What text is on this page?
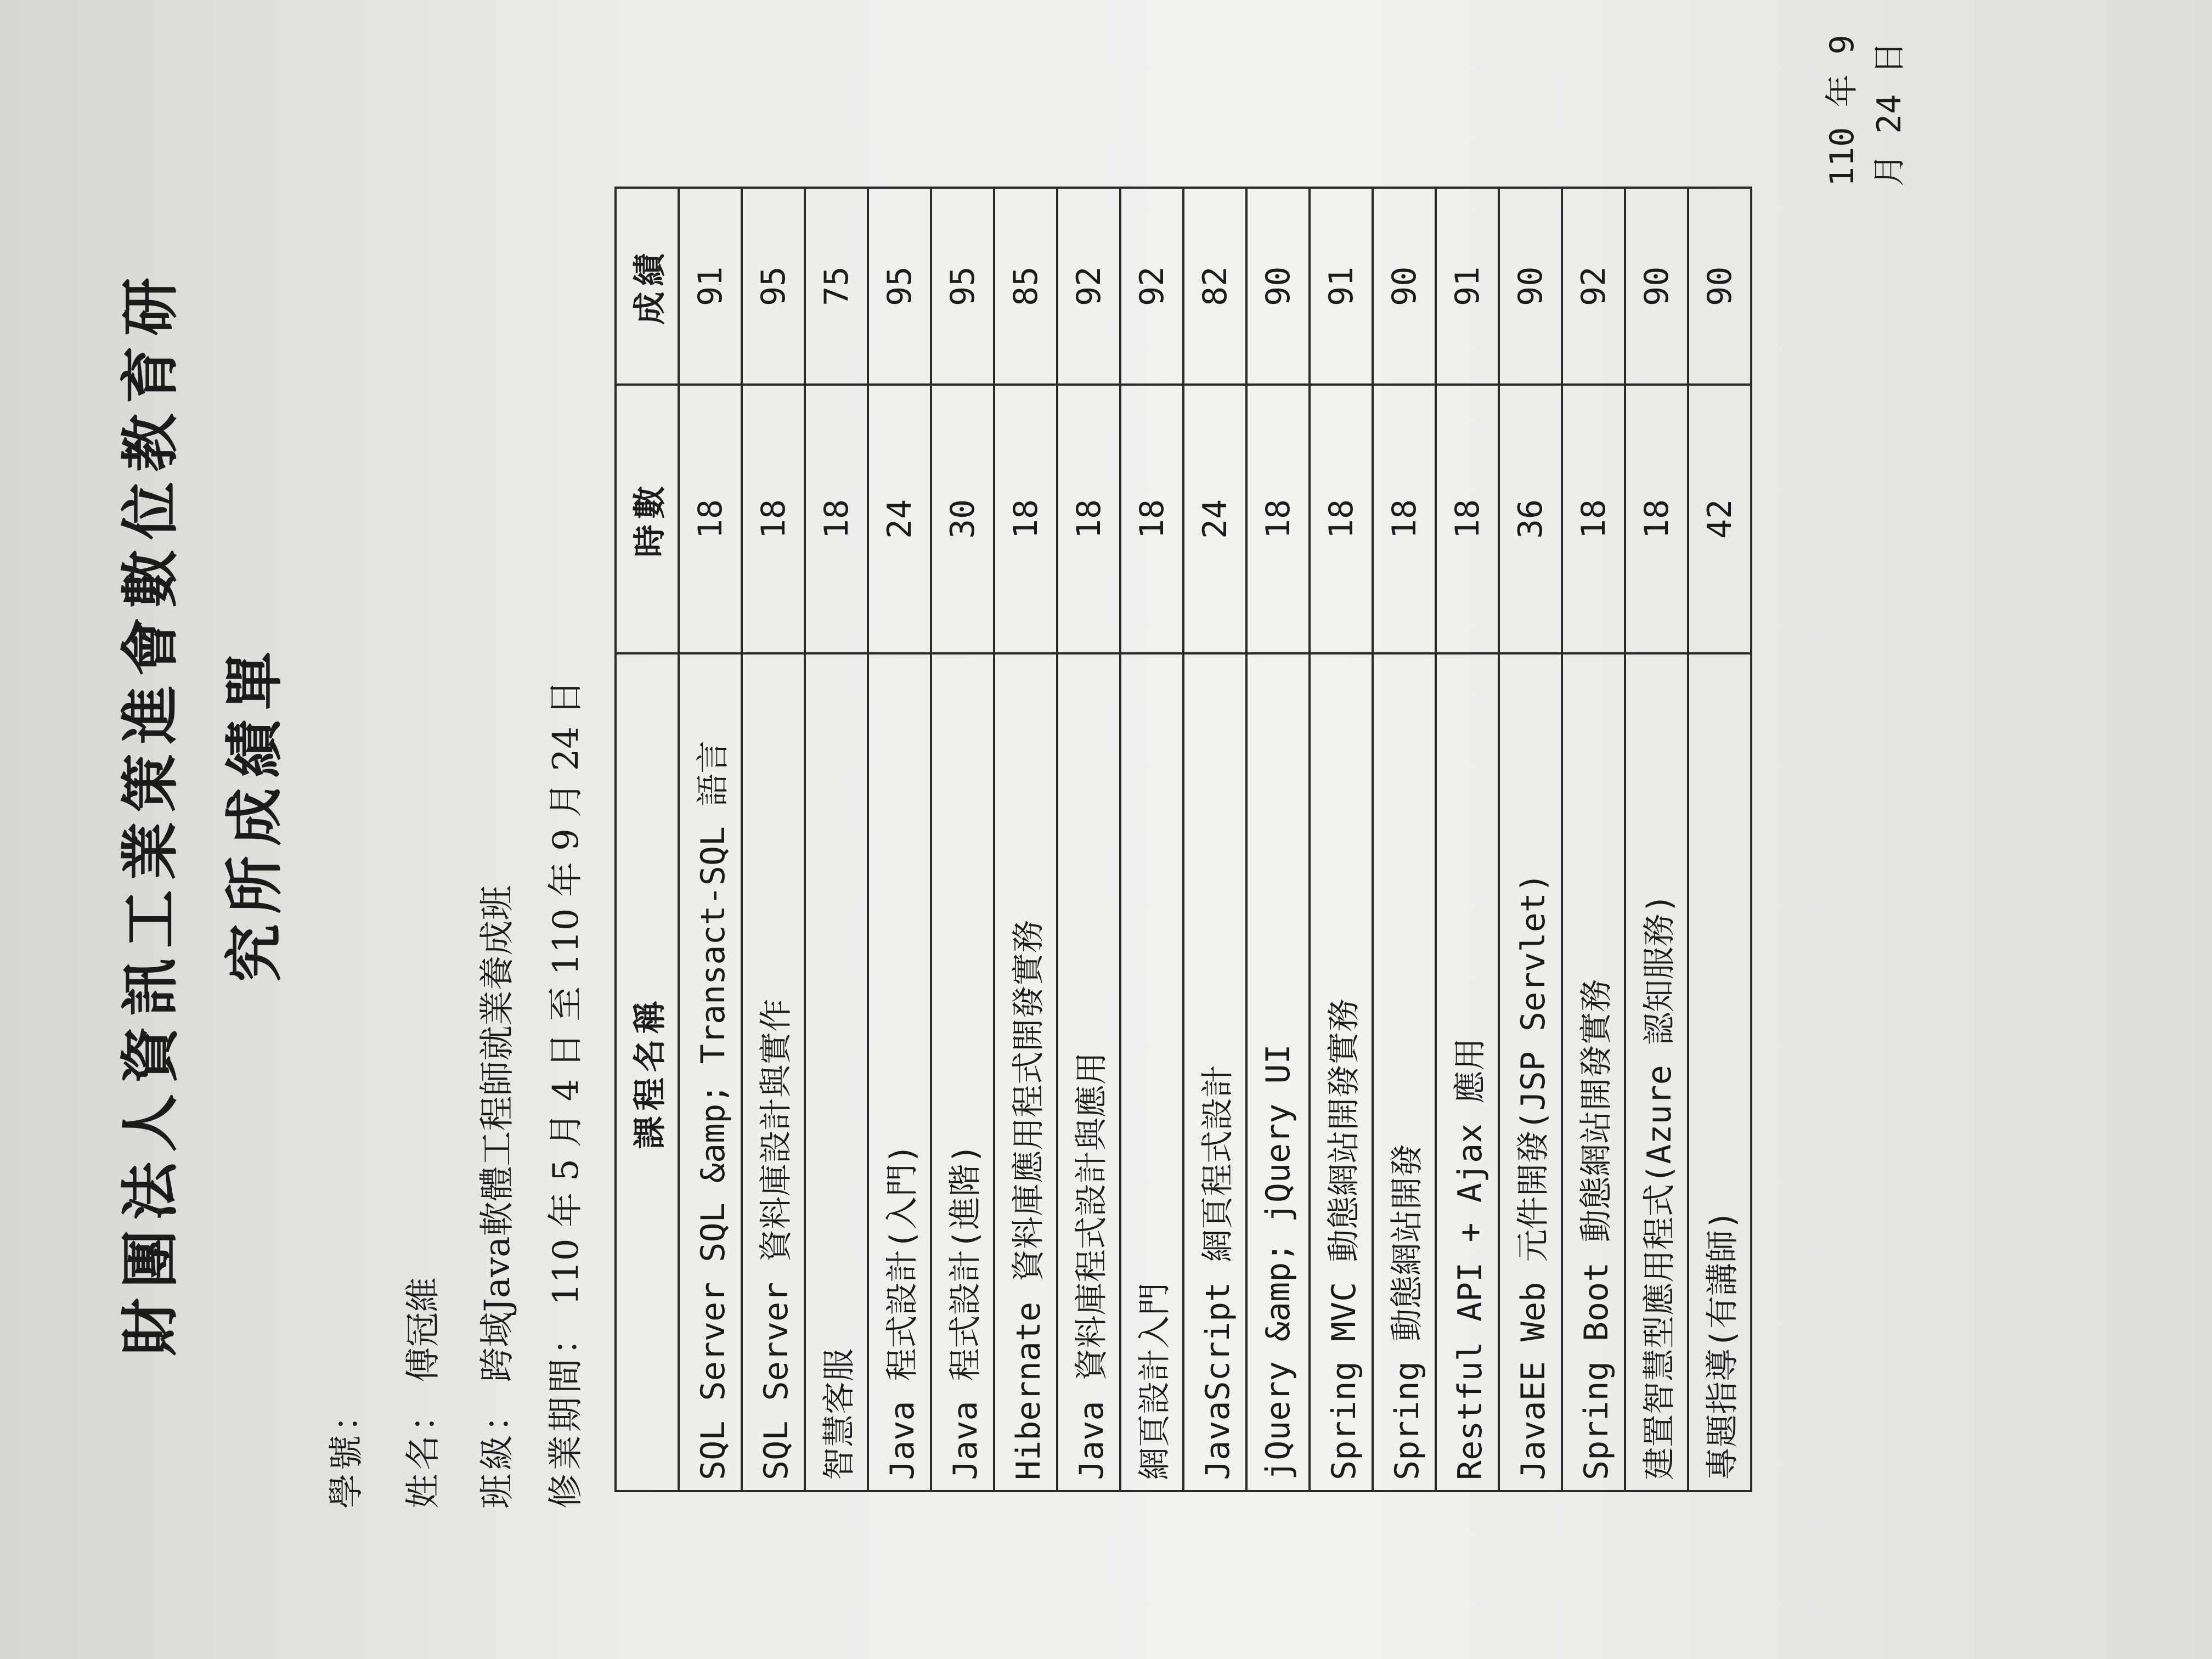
財團法人資訊工業策進會數位教育研 究所成績單
學號： 姓名： 傅冠維
班級： 跨域Java軟體工程師就業養成班
修業期間： 110 年 5 月 4 日 至 110 年 9 月 24 日 課程名稱	時數	成績
SQL Server SQL &amp; Transact-SQL 語言	18	91
SQL Server 資料庫設計與實作	18	95
智慧客服	18	75
Java 程式設計(入門)	24	95
Java 程式設計(進階)	30	95
Hibernate 資料庫應用程式開發實務	18	85
Java 資料庫程式設計與應用	18	92
網頁設計入門	18	92
JavaScript 網頁程式設計	24	82
jQuery &amp; jQuery UI	18	90
Spring MVC 動態網站開發實務	18	91
Spring 動態網站開發	18	90
Restful API + Ajax 應用	18	91
JavaEE Web 元件開發(JSP Servlet)	36	90
Spring Boot 動態網站開發實務	18	92
建置智慧型應用程式(Azure 認知服務)	18	90
專題指導(有講師)	42	90
110 年 9 月 24 日
